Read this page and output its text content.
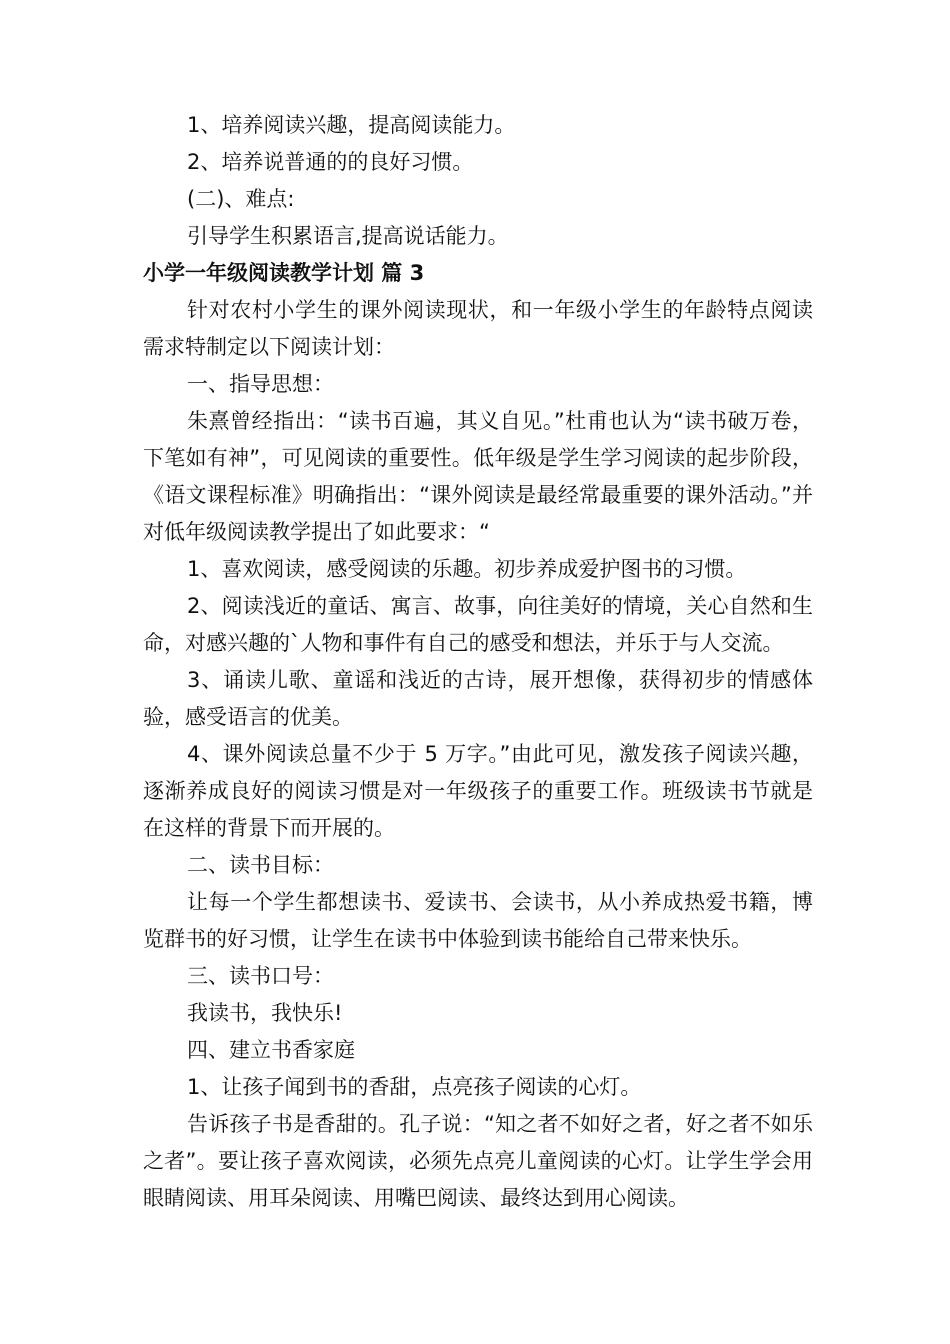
1、培养阅读兴趣，提高阅读能力。

2、培养说普通的的良好习惯。

(二)、难点:

引导学生积累语言,提高说话能力。

小学一年级阅读教学计划 篇 3

针对农村小学生的课外阅读现状，和一年级小学生的年龄特点阅读需求特制定以下阅读计划：

一、指导思想：

朱熹曾经指出：“读书百遍，其义自见。”杜甫也认为“读书破万卷，下笔如有神”，可见阅读的重要性。低年级是学生学习阅读的起步阶段，《语文课程标准》明确指出：“课外阅读是最经常最重要的课外活动。”并对低年级阅读教学提出了如此要求：“

1、喜欢阅读，感受阅读的乐趣。初步养成爱护图书的习惯。

2、阅读浅近的童话、寓言、故事，向往美好的情境，关心自然和生命，对感兴趣的`人物和事件有自己的感受和想法，并乐于与人交流。

3、诵读儿歌、童谣和浅近的古诗，展开想像，获得初步的情感体验，感受语言的优美。

4、课外阅读总量不少于 5 万字。”由此可见，激发孩子阅读兴趣，逐渐养成良好的阅读习惯是对一年级孩子的重要工作。班级读书节就是在这样的背景下而开展的。

二、读书目标：

让每一个学生都想读书、爱读书、会读书，从小养成热爱书籍，博览群书的好习惯，让学生在读书中体验到读书能给自己带来快乐。

三、读书口号：

我读书，我快乐!

四、建立书香家庭

1、让孩子闻到书的香甜，点亮孩子阅读的心灯。

告诉孩子书是香甜的。孔子说：“知之者不如好之者，好之者不如乐之者”。要让孩子喜欢阅读，必须先点亮儿童阅读的心灯。让学生学会用眼睛阅读、用耳朵阅读、用嘴巴阅读、最终达到用心阅读。
